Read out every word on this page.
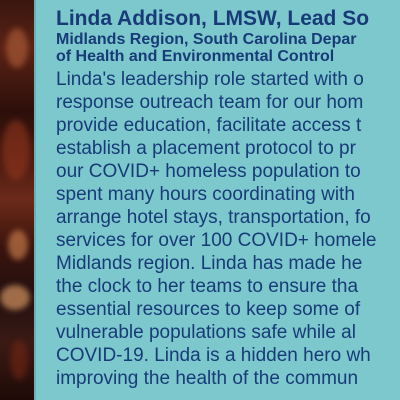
Linda Addison, LMSW, Lead So
Midlands Region, South Carolina Depar
of Health and Environmental Control
Linda's leadership role started with o
response outreach team for our hom
provide education, facilitate access t
establish a placement protocol to pr
our COVID+ homeless population to
spent many hours coordinating with
arrange hotel stays, transportation, fo
services for over 100 COVID+ homele
Midlands region. Linda has made he
the clock to her teams to ensure tha
essential resources to keep some of
vulnerable populations safe while al
COVID-19. Linda is a hidden hero wh
improving the health of the commun
